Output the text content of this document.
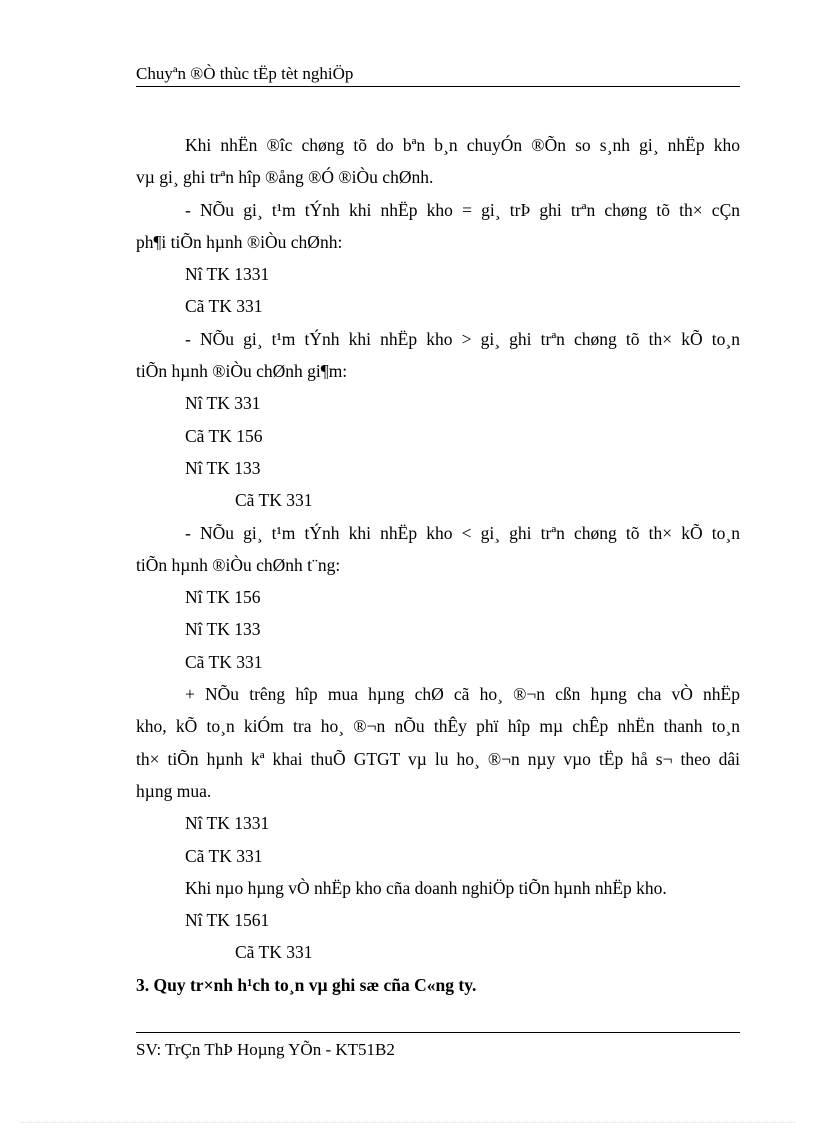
Chuyªn ®Ò thùc tËp tèt nghiÖp
Khi nhËn ®îc chøng tõ do bªn b¸n chuyÓn ®Õn so s¸nh gi¸ nhËp kho
vµ gi¸ ghi trªn hîp ®ång ®Ó ®iÒu chØnh.
- NÕu gi¸ t¹m tÝnh khi nhËp kho = gi¸ trÞ ghi trªn chøng tõ th× cÇn
ph¶i tiÕn hµnh ®iÒu chØnh:
Nî TK 1331
Cã TK 331
- NÕu gi¸ t¹m tÝnh khi nhËp kho > gi¸ ghi trªn chøng tõ th× kÕ to¸n
tiÕn hµnh ®iÒu chØnh gi¶m:
Nî TK 331
Cã TK 156
Nî TK 133
Cã TK 331
- NÕu gi¸ t¹m tÝnh khi nhËp kho < gi¸ ghi trªn chøng tõ th× kÕ to¸n
tiÕn hµnh ®iÒu chØnh t¨ng:
Nî TK 156
Nî TK 133
Cã TK 331
+ NÕu trêng hîp mua hµng chØ cã ho¸ ®¬n cßn hµng cha vÒ nhËp
kho, kÕ to¸n kiÓm tra ho¸ ®¬n nÕu thÊy phï hîp mµ chÊp nhËn thanh to¸n
th× tiÕn hµnh kª khai thuÕ GTGT vµ lu ho¸ ®¬n nµy vµo tËp hå s¬ theo dâi
hµng mua.
Nî TK 1331
Cã TK 331
Khi nµo hµng vÒ nhËp kho cña doanh nghiÖp tiÕn hµnh nhËp kho.
Nî TK 1561
Cã TK 331
3. Quy tr×nh h¹ch to¸n vµ ghi sæ cña C«ng ty.
SV: TrÇn ThÞ Hoµng YÕn - KT51B2
